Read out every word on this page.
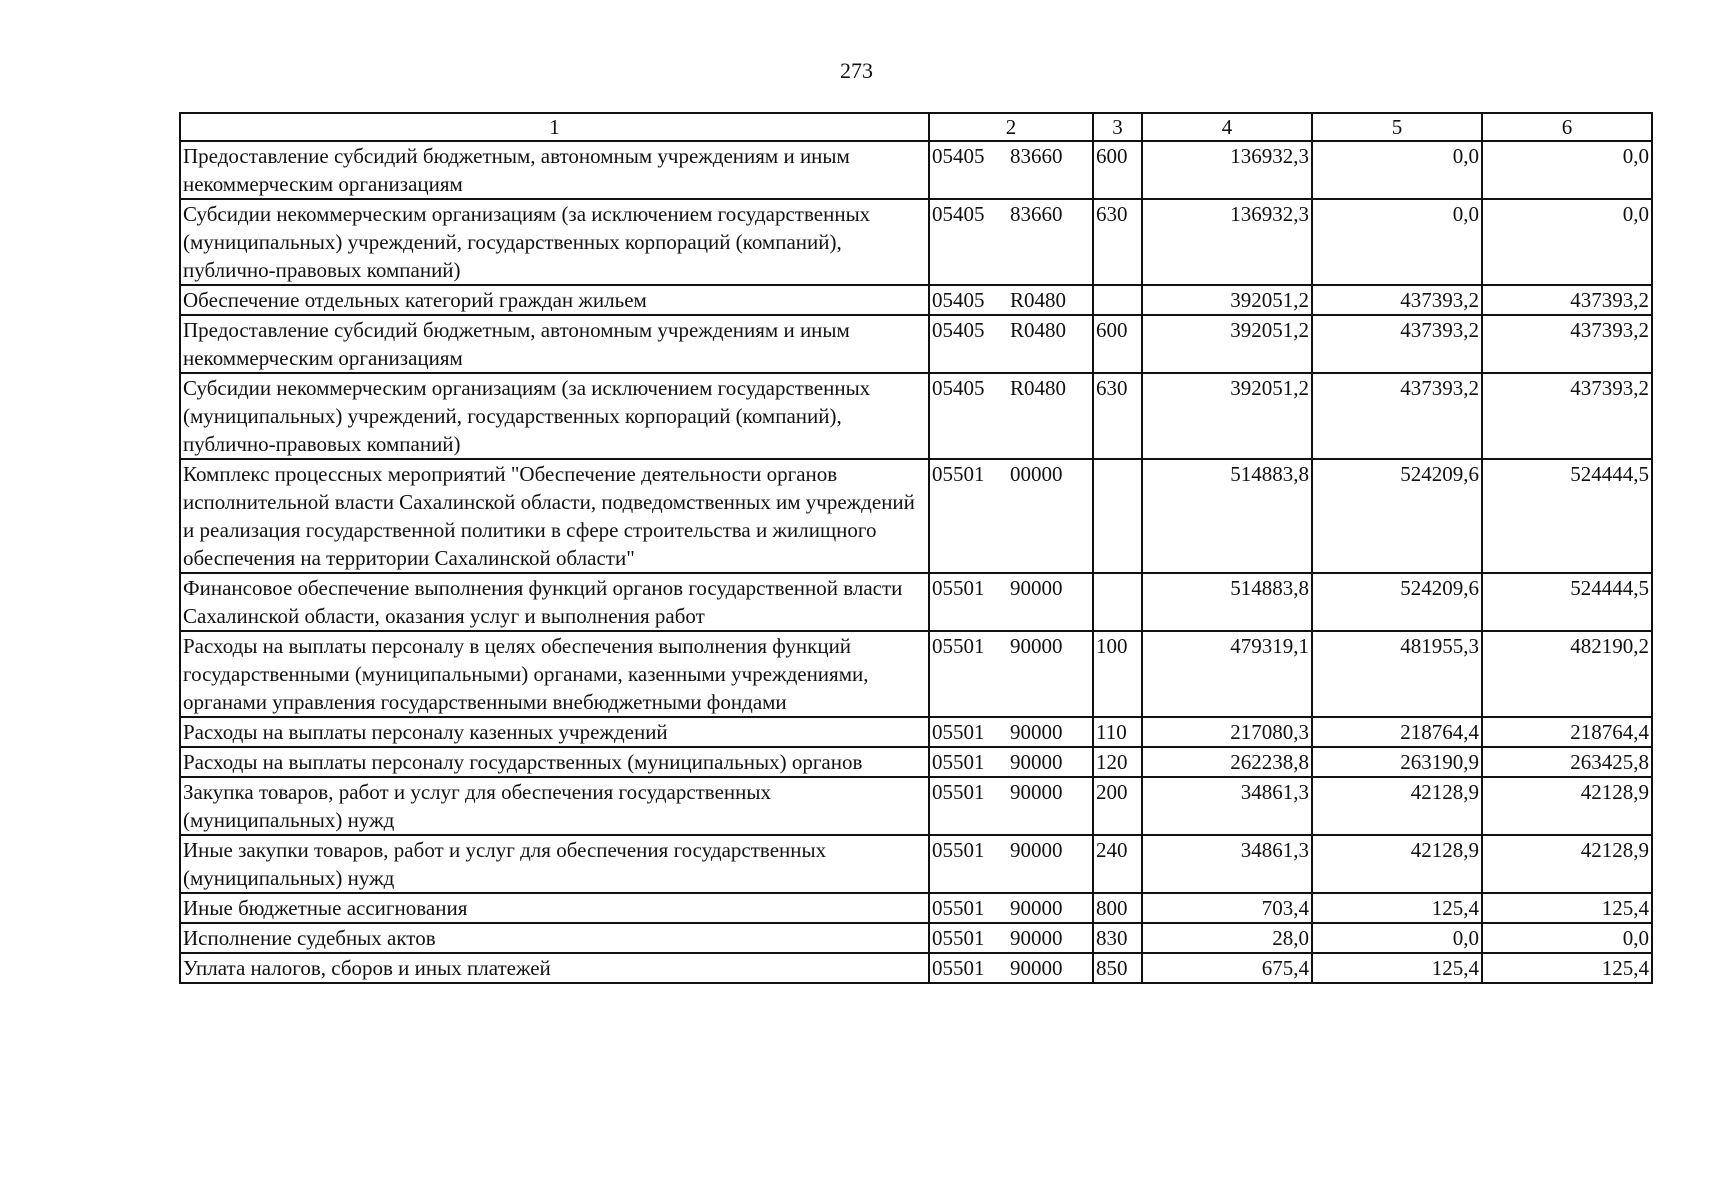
273
1	2	3	4	5	6
Предоставление субсидий бюджетным, автономным учреждениям и иным некоммерческим организациям	05405 83660	600	136932,3	0,0	0,0
Субсидии некоммерческим организациям (за исключением государственных (муниципальных) учреждений, государственных корпораций (компаний), публично-правовых компаний)	05405 83660	630	136932,3	0,0	0,0
Обеспечение отдельных категорий граждан жильем	05405 R0480		392051,2	437393,2	437393,2
Предоставление субсидий бюджетным, автономным учреждениям и иным некоммерческим организациям	05405 R0480	600	392051,2	437393,2	437393,2
Субсидии некоммерческим организациям (за исключением государственных (муниципальных) учреждений, государственных корпораций (компаний), публично-правовых компаний)	05405 R0480	630	392051,2	437393,2	437393,2
Комплекс процессных мероприятий "Обеспечение деятельности органов исполнительной власти Сахалинской области, подведомственных им учреждений и реализация государственной политики в сфере строительства и жилищного обеспечения на территории Сахалинской области"	05501 00000		514883,8	524209,6	524444,5
Финансовое обеспечение выполнения функций органов государственной власти Сахалинской области, оказания услуг и выполнения работ	05501 90000		514883,8	524209,6	524444,5
Расходы на выплаты персоналу в целях обеспечения выполнения функций государственными (муниципальными) органами, казенными учреждениями, органами управления государственными внебюджетными фондами	05501 90000	100	479319,1	481955,3	482190,2
Расходы на выплаты персоналу казенных учреждений	05501 90000	110	217080,3	218764,4	218764,4
Расходы на выплаты персоналу государственных (муниципальных) органов	05501 90000	120	262238,8	263190,9	263425,8
Закупка товаров, работ и услуг для обеспечения государственных (муниципальных) нужд	05501 90000	200	34861,3	42128,9	42128,9
Иные закупки товаров, работ и услуг для обеспечения государственных (муниципальных) нужд	05501 90000	240	34861,3	42128,9	42128,9
Иные бюджетные ассигнования	05501 90000	800	703,4	125,4	125,4
Исполнение судебных актов	05501 90000	830	28,0	0,0	0,0
Уплата налогов, сборов и иных платежей	05501 90000	850	675,4	125,4	125,4
